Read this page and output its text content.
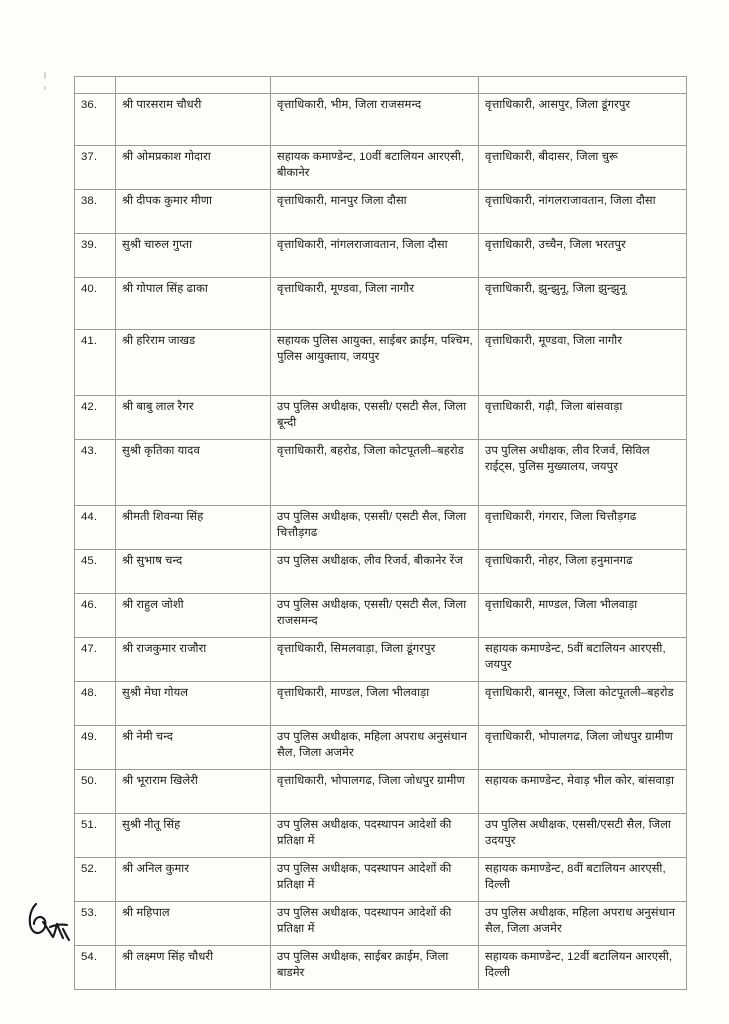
36.	श्री पारसराम चौधरी	वृत्ताधिकारी, भीम, जिला राजसमन्द	वृत्ताधिकारी, आसपुर, जिला डूंगरपुर
37.	श्री ओमप्रकाश गोदारा	सहायक कमाण्डेन्ट, 10वीं बटालियन आरएसी, बीकानेर	वृत्ताधिकारी, बीदासर, जिला चुरू
38.	श्री दीपक कुमार मीणा	वृत्ताधिकारी, मानपुर जिला दौसा	वृत्ताधिकारी, नांगलराजावतान, जिला दौसा
39.	सुश्री चारुल गुप्ता	वृत्ताधिकारी, नांगलराजावतान, जिला दौसा	वृत्ताधिकारी, उच्चैन, जिला भरतपुर
40.	श्री गोपाल सिंह ढाका	वृत्ताधिकारी, मूण्डवा, जिला नागौर	वृत्ताधिकारी, झुन्झुनू, जिला झुन्झुनू
41.	श्री हरिराम जाखड	सहायक पुलिस आयुक्त, साईबर क्राईम, पश्चिम, पुलिस आयुक्ताय, जयपुर	वृत्ताधिकारी, मूण्डवा, जिला नागौर
42.	श्री बाबु लाल रैगर	उप पुलिस अधीक्षक, एससी/ एसटी सैल, जिला बून्दी	वृत्ताधिकारी, गढ़ी, जिला बांसवाड़ा
43.	सुश्री कृतिका यादव	वृत्ताधिकारी, बहरोड, जिला कोटपूतली–बहरोड	उप पुलिस अधीक्षक, लीव रिजर्व, सिविल राईट्स, पुलिस मुख्यालय, जयपुर
44.	श्रीमती शिवन्या सिंह	उप पुलिस अधीक्षक, एससी/ एसटी सैल, जिला चित्तौड़गढ	वृत्ताधिकारी, गंगरार, जिला चित्तौड़गढ
45.	श्री सुभाष चन्द	उप पुलिस अधीक्षक, लीव रिजर्व, बीकानेर रेंज	वृत्ताधिकारी, नोहर, जिला हनुमानगढ
46.	श्री राहुल जोशी	उप पुलिस अधीक्षक, एससी/ एसटी सैल, जिला राजसमन्द	वृत्ताधिकारी, माण्डल, जिला भीलवाड़ा
47.	श्री राजकुमार राजौरा	वृत्ताधिकारी, सिमलवाड़ा, जिला डूंगरपुर	सहायक कमाण्डेन्ट, 5वीं बटालियन आरएसी, जयपुर
48.	सुश्री मेघा गोयल	वृत्ताधिकारी, माण्डल, जिला भीलवाड़ा	वृत्ताधिकारी, बानसूर, जिला कोटपूतली–बहरोड
49.	श्री नेमी चन्द	उप पुलिस अधीक्षक, महिला अपराध अनुसंधान सैल, जिला अजमेर	वृत्ताधिकारी, भोपालगढ, जिला जोधपुर ग्रामीण
50.	श्री भूराराम खिलेरी	वृत्ताधिकारी, भोपालगढ, जिला जोधपुर ग्रामीण	सहायक कमाण्डेन्ट, मेवाड़ भील कोर, बांसवाड़ा
51.	सुश्री नीतू सिंह	उप पुलिस अधीक्षक, पदस्थापन आदेशों की प्रतिक्षा में	उप पुलिस अधीक्षक, एससी/एसटी सैल, जिला उदयपुर
52.	श्री अनिल कुमार	उप पुलिस अधीक्षक, पदस्थापन आदेशों की प्रतिक्षा में	सहायक कमाण्डेन्ट, 8वीं बटालियन आरएसी, दिल्ली
53.	श्री महिपाल	उप पुलिस अधीक्षक, पदस्थापन आदेशों की प्रतिक्षा में	उप पुलिस अधीक्षक, महिला अपराध अनुसंधान सैल, जिला अजमेर
54.	श्री लक्ष्मण सिंह चौधरी	उप पुलिस अधीक्षक, साईबर क्राईम, जिला बाडमेर	सहायक कमाण्डेन्ट, 12वीं बटालियन आरएसी, दिल्ली
